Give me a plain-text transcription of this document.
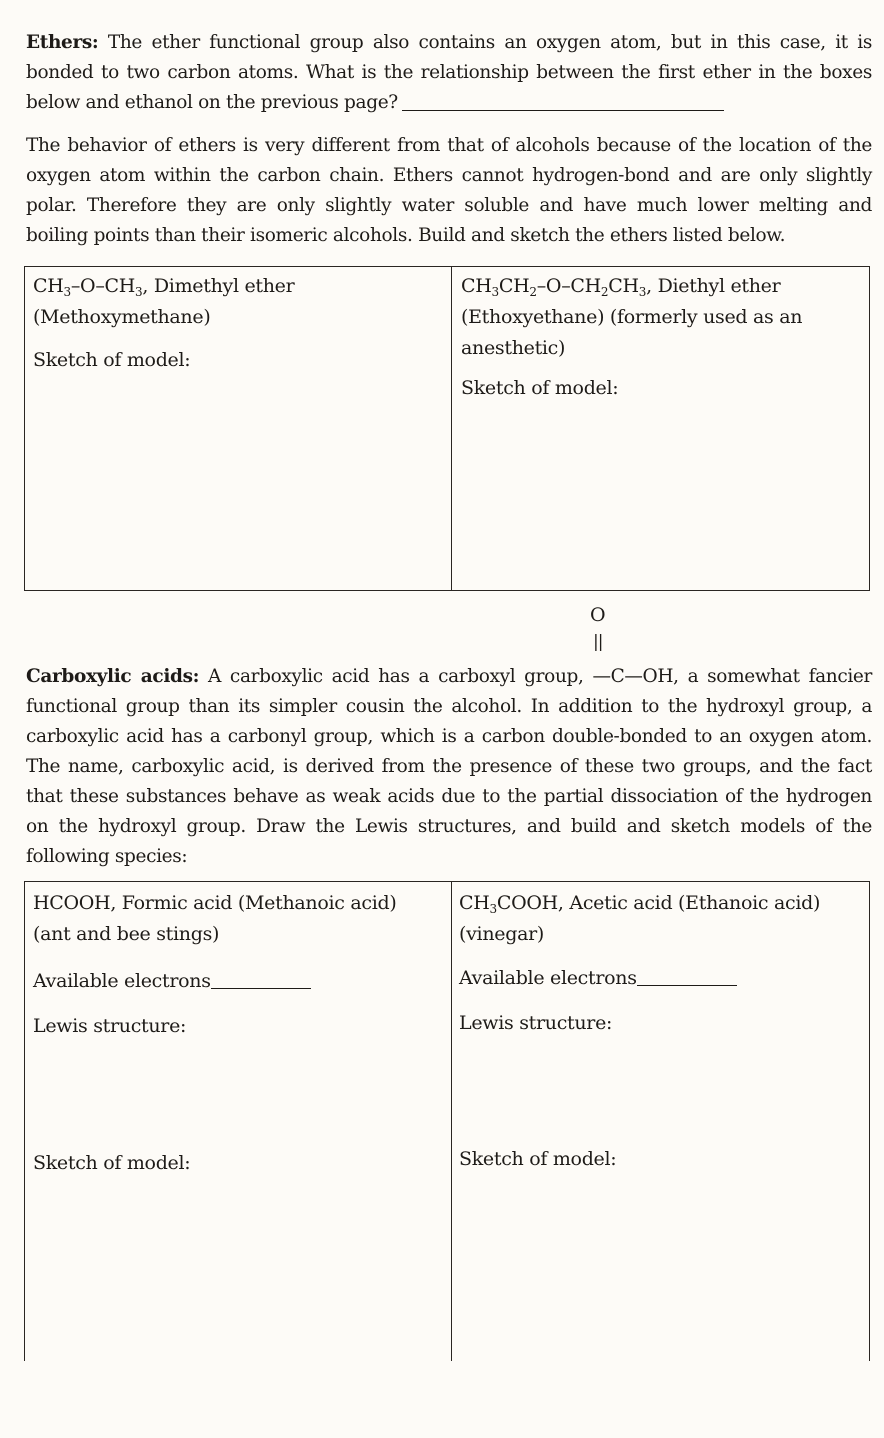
Ethers: The ether functional group also contains an oxygen atom, but in this case, it is bonded to two carbon atoms. What is the relationship between the first ether in the boxes below and ethanol on the previous page?
The behavior of ethers is very different from that of alcohols because of the location of the oxygen atom within the carbon chain. Ethers cannot hydrogen-bond and are only slightly polar. Therefore they are only slightly water soluble and have much lower melting and boiling points than their isomeric alcohols. Build and sketch the ethers listed below.
$CH_3-O-CH_3$, Dimethyl ether
(Methoxymethane)
Sketch of model:
$CH_3CH_2-O-CH_2CH_3$, Diethyl ether
(Ethoxyethane) (formerly used as an
anesthetic)
Sketch of model:
O
||
Carboxylic acids: A carboxylic acid has a carboxyl group, —C—OH, a somewhat fancier functional group than its simpler cousin the alcohol. In addition to the hydroxyl group, a carboxylic acid has a carbonyl group, which is a carbon double-bonded to an oxygen atom. The name, carboxylic acid, is derived from the presence of these two groups, and the fact that these substances behave as weak acids due to the partial dissociation of the hydrogen on the hydroxyl group. Draw the Lewis structures, and build and sketch models of the following species:
HCOOH, Formic acid (Methanoic acid)
(ant and bee stings)
Available electrons
Lewis structure:
Sketch of model:
$CH_3COOH$, Acetic acid (Ethanoic acid)
(vinegar)
Available electrons
Lewis structure:
Sketch of model:
